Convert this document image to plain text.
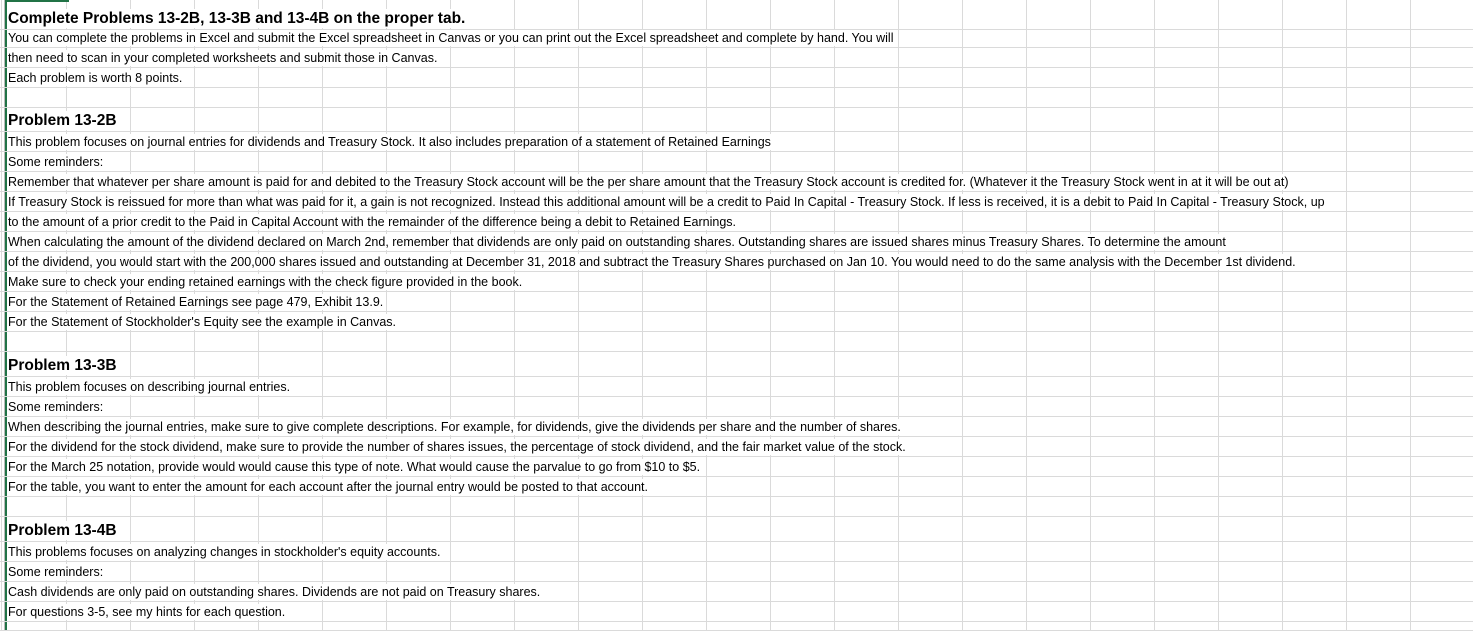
Complete Problems 13-2B, 13-3B and 13-4B on the proper tab.
You can complete the problems in Excel and submit the Excel spreadsheet in Canvas or you can print out the Excel spreadsheet and complete by hand. You will
then need to scan in your completed worksheets and submit those in Canvas.
Each problem is worth 8 points.
Problem 13-2B
This problem focuses on journal entries for dividends and Treasury Stock. It also includes preparation of a statement of Retained Earnings
Some reminders:
Remember that whatever per share amount is paid for and debited to the Treasury Stock account will be the per share amount that the Treasury Stock account is credited for. (Whatever it the Treasury Stock went in at it will be out at)
If Treasury Stock is reissued for more than what was paid for it, a gain is not recognized. Instead this additional amount will be a credit to Paid In Capital - Treasury Stock. If less is received, it is a debit to Paid In Capital - Treasury Stock, up
to the amount of a prior credit to the Paid in Capital Account with the remainder of the difference being a debit to Retained Earnings.
When calculating the amount of the dividend declared on March 2nd, remember that dividends are only paid on outstanding shares. Outstanding shares are issued shares minus Treasury Shares. To determine the amount
of the dividend, you would start with the 200,000 shares issued and outstanding at December 31, 2018 and subtract the Treasury Shares purchased on Jan 10. You would need to do the same analysis with the December 1st dividend.
Make sure to check your ending retained earnings with the check figure provided in the book.
For the Statement of Retained Earnings see page 479, Exhibit 13.9.
For the Statement of Stockholder's Equity see the example in Canvas.
Problem 13-3B
This problem focuses on describing journal entries.
Some reminders:
When describing the journal entries, make sure to give complete descriptions. For example, for dividends, give the dividends per share and the number of shares.
For the dividend for the stock dividend, make sure to provide the number of shares issues, the percentage of stock dividend, and the fair market value of the stock.
For the March 25 notation, provide would would cause this type of note. What would cause the parvalue to go from $10 to $5.
For the table, you want to enter the amount for each account after the journal entry would be posted to that account.
Problem 13-4B
This problems focuses on analyzing changes in stockholder's equity accounts.
Some reminders:
Cash dividends are only paid on outstanding shares. Dividends are not paid on Treasury shares.
For questions 3-5, see my hints for each question.
